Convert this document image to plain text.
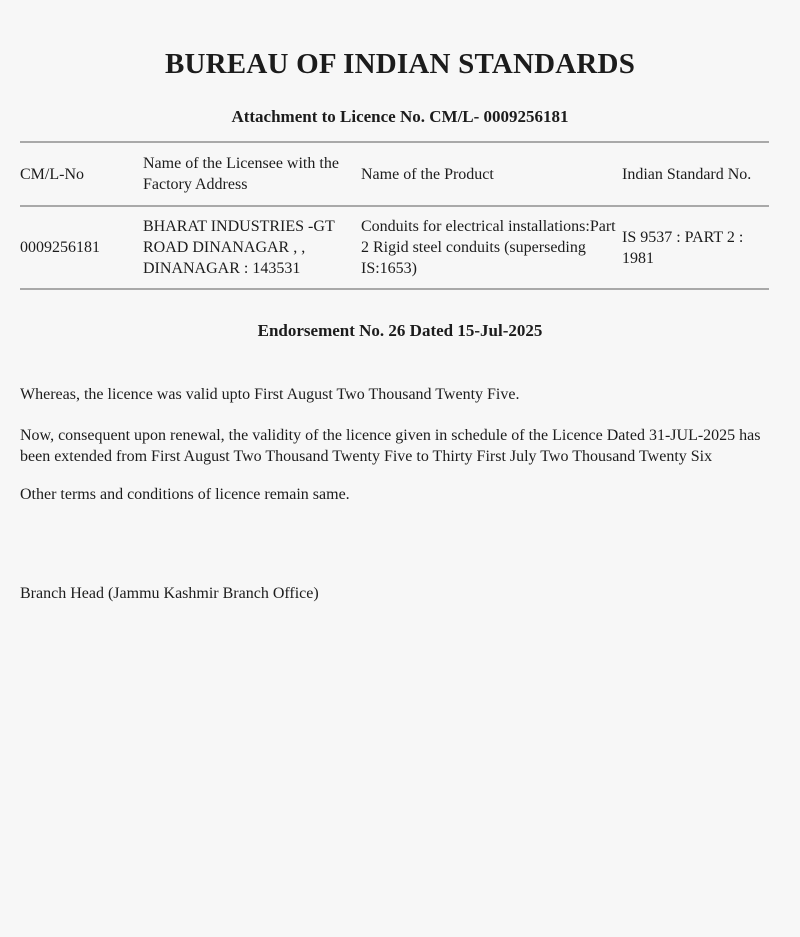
BUREAU OF INDIAN STANDARDS
Attachment to Licence No. CM/L- 0009256181
CM/L-No	Name of the Licensee with the Factory Address	Name of the Product	Indian Standard No.
0009256181	BHARAT INDUSTRIES -GT ROAD DINANAGAR , , DINANAGAR : 143531	Conduits for electrical installations:Part 2 Rigid steel conduits (superseding IS:1653)	IS 9537 : PART 2 : 1981
Endorsement No. 26 Dated 15-Jul-2025

Whereas, the licence was valid upto First August Two Thousand Twenty Five.

Now, consequent upon renewal, the validity of the licence given in schedule of the Licence Dated 31-JUL-2025 has been extended from First August Two Thousand Twenty Five to Thirty First July Two Thousand Twenty Six

Other terms and conditions of licence remain same.

Branch Head (Jammu Kashmir Branch Office)
